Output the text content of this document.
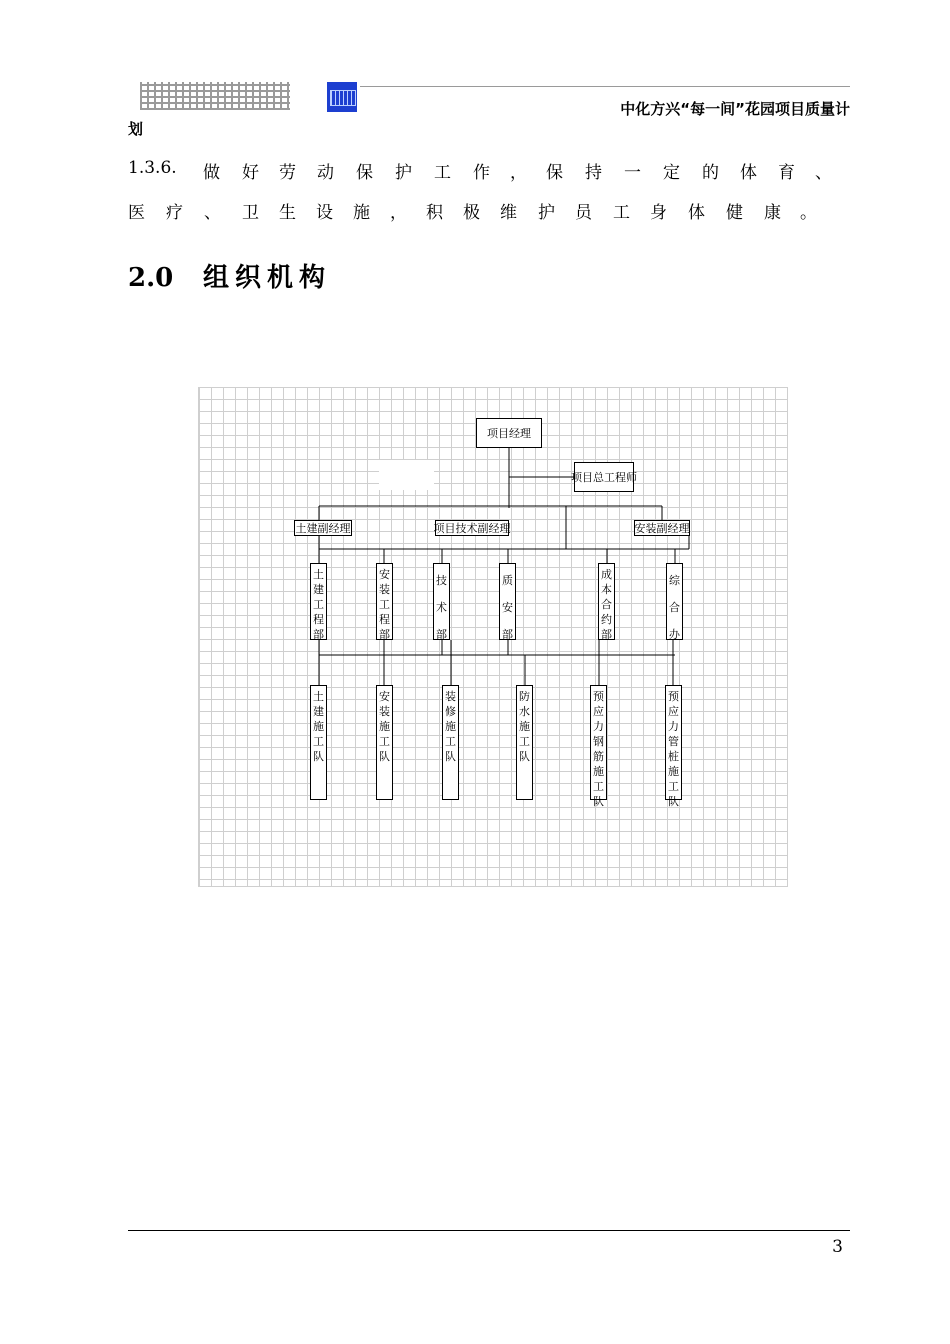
中化方兴“每一间”花园项目质量计
划
1.3.6. 做 好 劳 动 保 护 工 作 ， 保 持 一 定 的 体 育 、
医 疗 、 卫 生 设 施 ， 积 极 维 护 员 工 身 体 健 康 。
2.0 组织机构
项目经理
项目总工程师
土建副经理	项目技术副经理	安装副经理
土建工程部
安装工程部
技术部
质安部
成本合约部
综合办
土建施工队
安装施工队
装修施工队
防水施工队
预应力钢筋施工队
预应力管桩施工队
3
